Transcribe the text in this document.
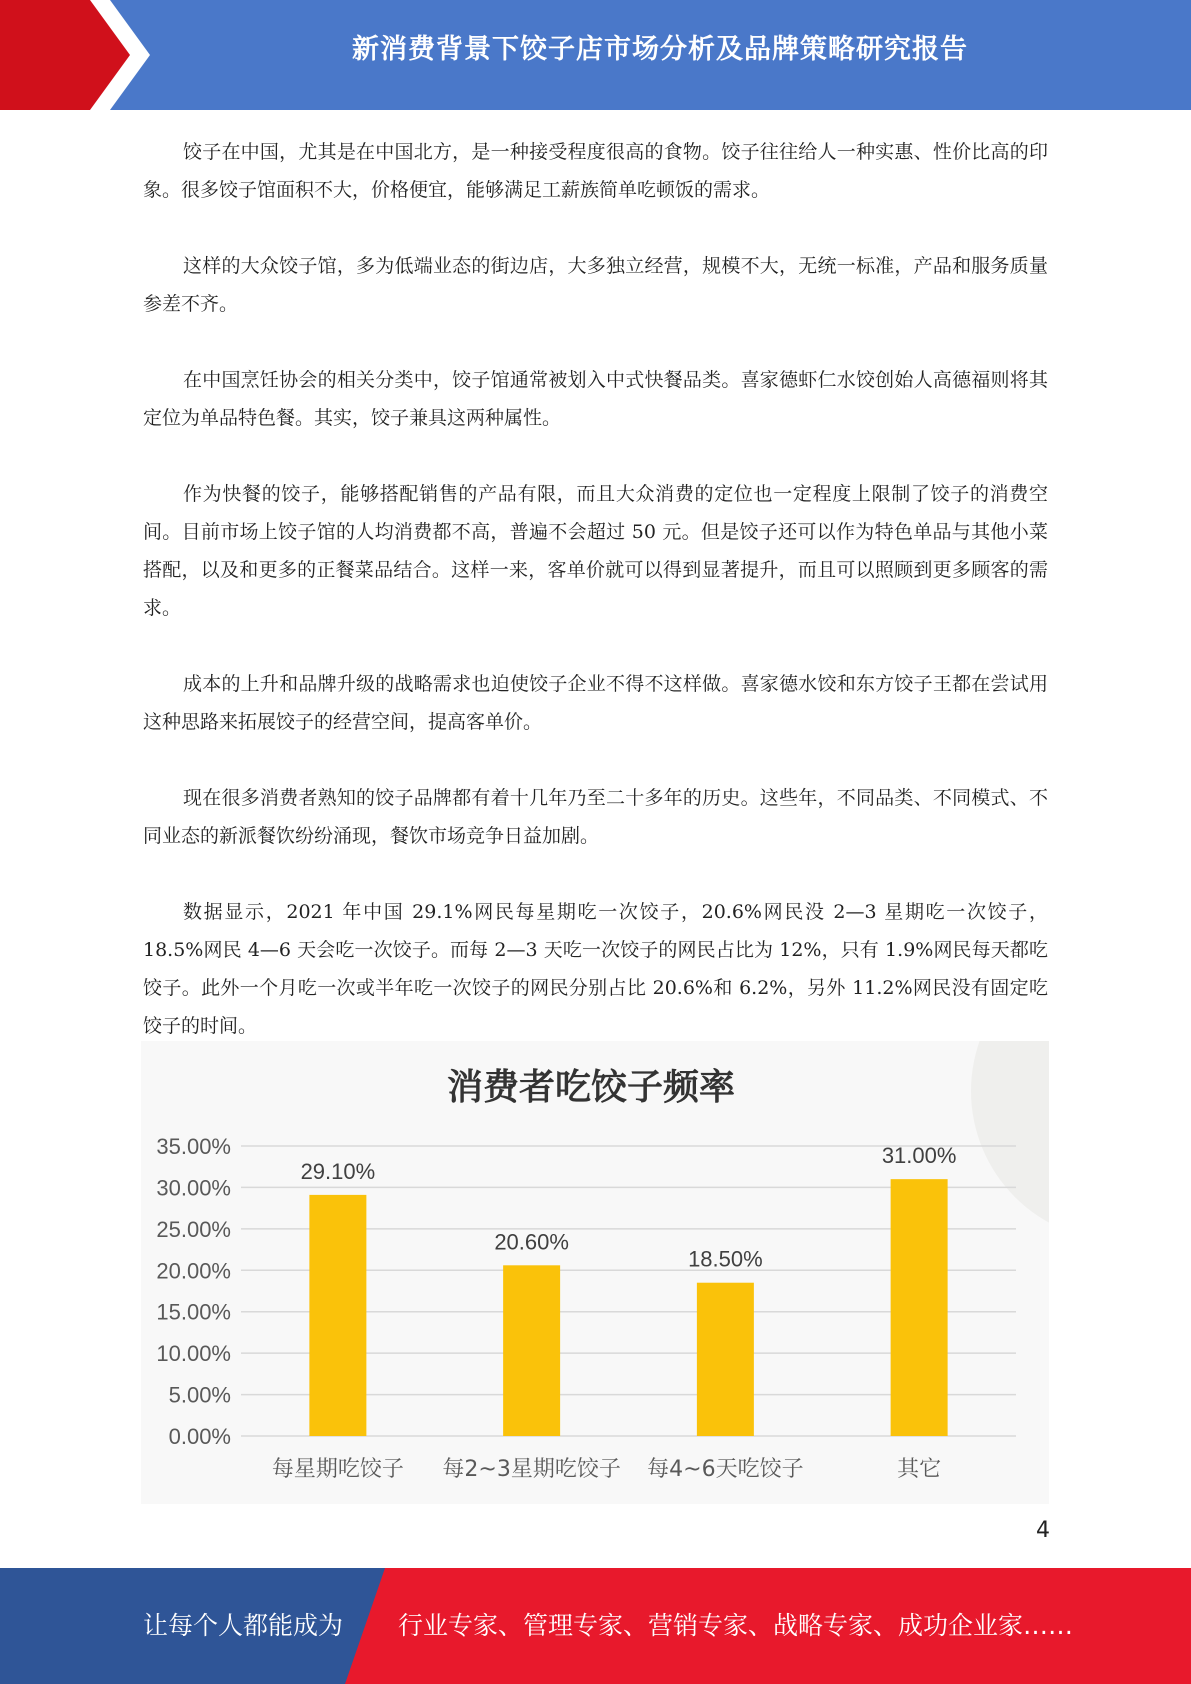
新消费背景下饺子店市场分析及品牌策略研究报告

饺子在中国，尤其是在中国北方，是一种接受程度很高的食物。饺子往往给人一种实惠、性价比高的印象。很多饺子馆面积不大，价格便宜，能够满足工薪族简单吃顿饭的需求。

这样的大众饺子馆，多为低端业态的街边店，大多独立经营，规模不大，无统一标准，产品和服务质量参差不齐。

在中国烹饪协会的相关分类中，饺子馆通常被划入中式快餐品类。喜家德虾仁水饺创始人高德福则将其定位为单品特色餐。其实，饺子兼具这两种属性。

作为快餐的饺子，能够搭配销售的产品有限，而且大众消费的定位也一定程度上限制了饺子的消费空间。目前市场上饺子馆的人均消费都不高，普遍不会超过 50 元。但是饺子还可以作为特色单品与其他小菜搭配，以及和更多的正餐菜品结合。这样一来，客单价就可以得到显著提升，而且可以照顾到更多顾客的需求。

成本的上升和品牌升级的战略需求也迫使饺子企业不得不这样做。喜家德水饺和东方饺子王都在尝试用这种思路来拓展饺子的经营空间，提高客单价。

现在很多消费者熟知的饺子品牌都有着十几年乃至二十多年的历史。这些年，不同品类、不同模式、不同业态的新派餐饮纷纷涌现，餐饮市场竞争日益加剧。

数据显示，2021 年中国 29.1%网民每星期吃一次饺子，20.6%网民没 2—3 星期吃一次饺子，18.5%网民 4—6 天会吃一次饺子。而每 2—3 天吃一次饺子的网民占比为 12%，只有 1.9%网民每天都吃饺子。此外一个月吃一次或半年吃一次饺子的网民分别占比 20.6%和 6.2%，另外 11.2%网民没有固定吃饺子的时间。

消费者吃饺子频率
0.00%
5.00%
10.00%
15.00%
20.00%
25.00%
30.00%
35.00%
29.10%
20.60%
18.50%
31.00%
每星期吃饺子 每2~3星期吃饺子 每4~6天吃饺子	其它
4
让每个人都能成为 行业专家、管理专家、营销专家、战略专家、成功企业家……
